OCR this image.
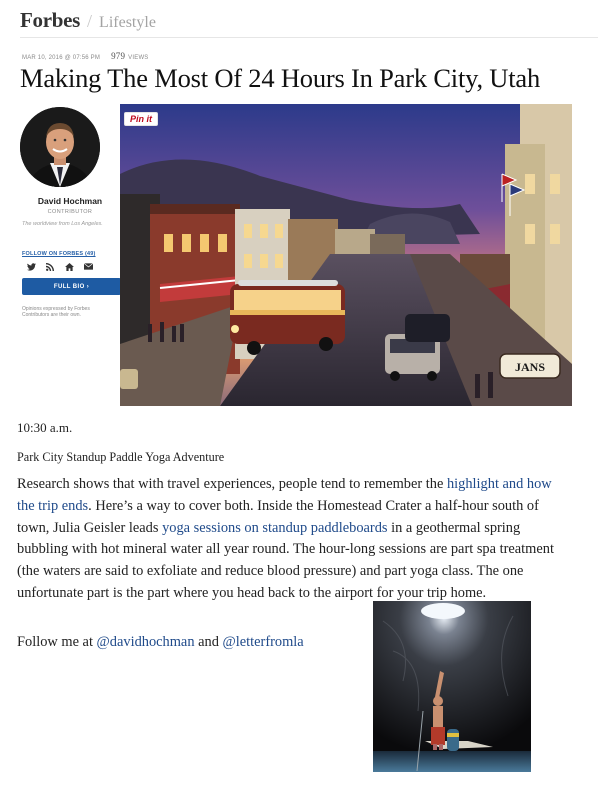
Forbes / Lifestyle
MAR 10, 2016 @ 07:56 PM 979 VIEWS
Making The Most Of 24 Hours In Park City, Utah
David Hochman
CONTRIBUTOR
The worldview from Los Angeles.
FOLLOW ON FORBES (49)
FULL BIO ›
Opinions expressed by Forbes Contributors are their own.
JANS
Pin it
10:30 a.m.
Park City Standup Paddle Yoga Adventure

Research shows that with travel experiences, people tend to remember the highlight and how the trip ends. Here’s a way to cover both. Inside the Homestead Crater a half-hour south of town, Julia Geisler leads yoga sessions on standup paddleboards in a geothermal spring bubbling with hot mineral water all year round. The hour-long sessions are part spa treatment (the waters are said to exfoliate and reduce blood pressure) and part yoga class. The one unfortunate part is the part where you head back to the airport for your trip home.

Follow me at @davidhochman and @letterfromla
